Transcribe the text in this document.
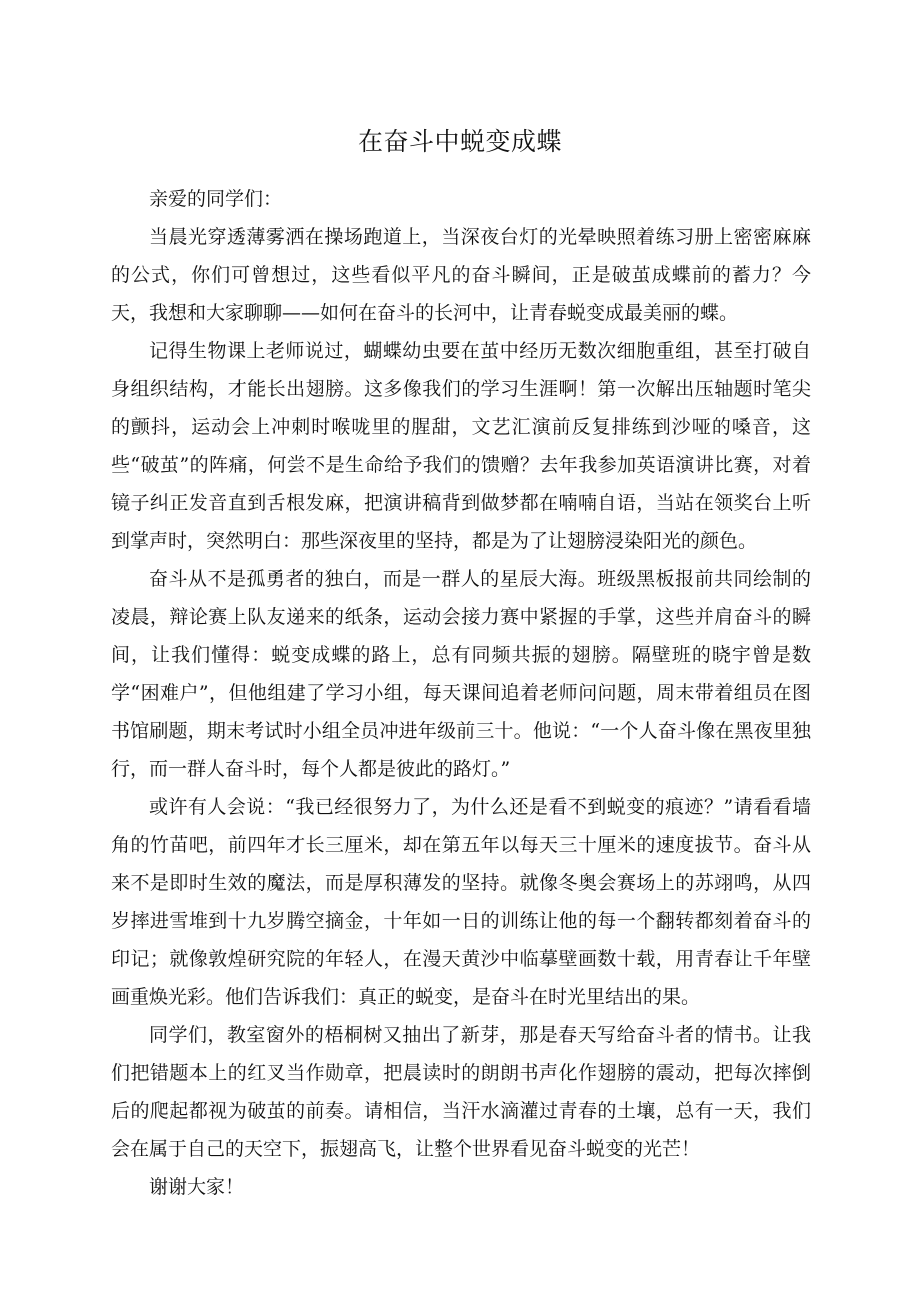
在奋斗中蜕变成蝶

亲爱的同学们：

当晨光穿透薄雾洒在操场跑道上，当深夜台灯的光晕映照着练习册上密密麻麻的公式，你们可曾想过，这些看似平凡的奋斗瞬间，正是破茧成蝶前的蓄力？今天，我想和大家聊聊——如何在奋斗的长河中，让青春蜕变成最美丽的蝶。

记得生物课上老师说过，蝴蝶幼虫要在茧中经历无数次细胞重组，甚至打破自身组织结构，才能长出翅膀。这多像我们的学习生涯啊！第一次解出压轴题时笔尖的颤抖，运动会上冲刺时喉咙里的腥甜，文艺汇演前反复排练到沙哑的嗓音，这些“破茧”的阵痛，何尝不是生命给予我们的馈赠？去年我参加英语演讲比赛，对着镜子纠正发音直到舌根发麻，把演讲稿背到做梦都在喃喃自语，当站在领奖台上听到掌声时，突然明白：那些深夜里的坚持，都是为了让翅膀浸染阳光的颜色。

奋斗从不是孤勇者的独白，而是一群人的星辰大海。班级黑板报前共同绘制的凌晨，辩论赛上队友递来的纸条，运动会接力赛中紧握的手掌，这些并肩奋斗的瞬间，让我们懂得：蜕变成蝶的路上，总有同频共振的翅膀。隔壁班的晓宇曾是数学“困难户”，但他组建了学习小组，每天课间追着老师问问题，周末带着组员在图书馆刷题，期末考试时小组全员冲进年级前三十。他说：“一个人奋斗像在黑夜里独行，而一群人奋斗时，每个人都是彼此的路灯。”

或许有人会说：“我已经很努力了，为什么还是看不到蜕变的痕迹？”请看看墙角的竹苗吧，前四年才长三厘米，却在第五年以每天三十厘米的速度拔节。奋斗从来不是即时生效的魔法，而是厚积薄发的坚持。就像冬奥会赛场上的苏翊鸣，从四岁摔进雪堆到十九岁腾空摘金，十年如一日的训练让他的每一个翻转都刻着奋斗的印记；就像敦煌研究院的年轻人，在漫天黄沙中临摹壁画数十载，用青春让千年壁画重焕光彩。他们告诉我们：真正的蜕变，是奋斗在时光里结出的果。

同学们，教室窗外的梧桐树又抽出了新芽，那是春天写给奋斗者的情书。让我们把错题本上的红叉当作勋章，把晨读时的朗朗书声化作翅膀的震动，把每次摔倒后的爬起都视为破茧的前奏。请相信，当汗水滴灌过青春的土壤，总有一天，我们会在属于自己的天空下，振翅高飞，让整个世界看见奋斗蜕变的光芒！

谢谢大家！
